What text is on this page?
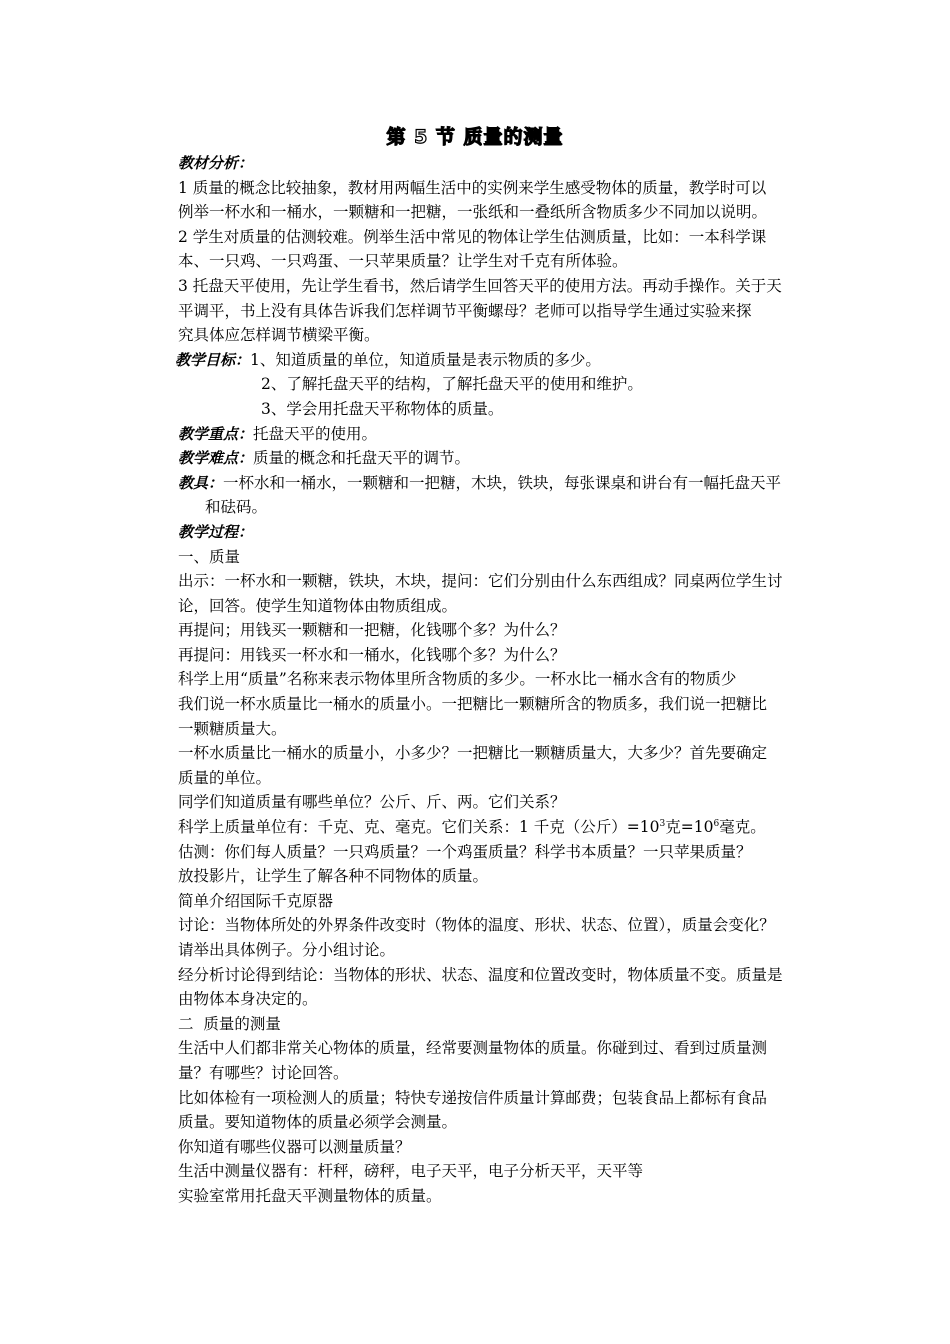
第 5 节 质量的测量
教材分析：
1 质量的概念比较抽象，教材用两幅生活中的实例来学生感受物体的质量，教学时可以
例举一杯水和一桶水，一颗糖和一把糖，一张纸和一叠纸所含物质多少不同加以说明。
2 学生对质量的估测较难。例举生活中常见的物体让学生估测质量，比如：一本科学课
本、一只鸡、一只鸡蛋、一只苹果质量？让学生对千克有所体验。
3 托盘天平使用，先让学生看书，然后请学生回答天平的使用方法。再动手操作。关于天
平调平，书上没有具体告诉我们怎样调节平衡螺母？老师可以指导学生通过实验来探
究具体应怎样调节横梁平衡。
教学目标：1、知道质量的单位，知道质量是表示物质的多少。
2、了解托盘天平的结构，了解托盘天平的使用和维护。
3、学会用托盘天平称物体的质量。
教学重点：托盘天平的使用。
教学难点：质量的概念和托盘天平的调节。
教具：一杯水和一桶水，一颗糖和一把糖，木块，铁块，每张课桌和讲台有一幅托盘天平
和砝码。
教学过程：
一、质量
出示：一杯水和一颗糖，铁块，木块，提问：它们分别由什么东西组成？同桌两位学生讨
论，回答。使学生知道物体由物质组成。
再提问；用钱买一颗糖和一把糖，化钱哪个多？为什么？
再提问：用钱买一杯水和一桶水，化钱哪个多？为什么？
科学上用“质量”名称来表示物体里所含物质的多少。一杯水比一桶水含有的物质少
我们说一杯水质量比一桶水的质量小。一把糖比一颗糖所含的物质多，我们说一把糖比
一颗糖质量大。
一杯水质量比一桶水的质量小，小多少？一把糖比一颗糖质量大，大多少？首先要确定
质量的单位。
同学们知道质量有哪些单位？公斤、斤、两。它们关系？
科学上质量单位有：千克、克、毫克。它们关系：1 千克（公斤）$=10^3$克$=10^6$毫克。
估测：你们每人质量？一只鸡质量？一个鸡蛋质量？科学书本质量？一只苹果质量？
放投影片，让学生了解各种不同物体的质量。
简单介绍国际千克原器
讨论：当物体所处的外界条件改变时（物体的温度、形状、状态、位置），质量会变化？
请举出具体例子。分小组讨论。
经分析讨论得到结论：当物体的形状、状态、温度和位置改变时，物体质量不变。质量是
由物体本身决定的。
二  质量的测量
生活中人们都非常关心物体的质量，经常要测量物体的质量。你碰到过、看到过质量测
量？有哪些？讨论回答。
比如体检有一项检测人的质量；特快专递按信件质量计算邮费；包装食品上都标有食品
质量。要知道物体的质量必须学会测量。
你知道有哪些仪器可以测量质量？
生活中测量仪器有：杆秤，磅秤，电子天平，电子分析天平，天平等
实验室常用托盘天平测量物体的质量。
